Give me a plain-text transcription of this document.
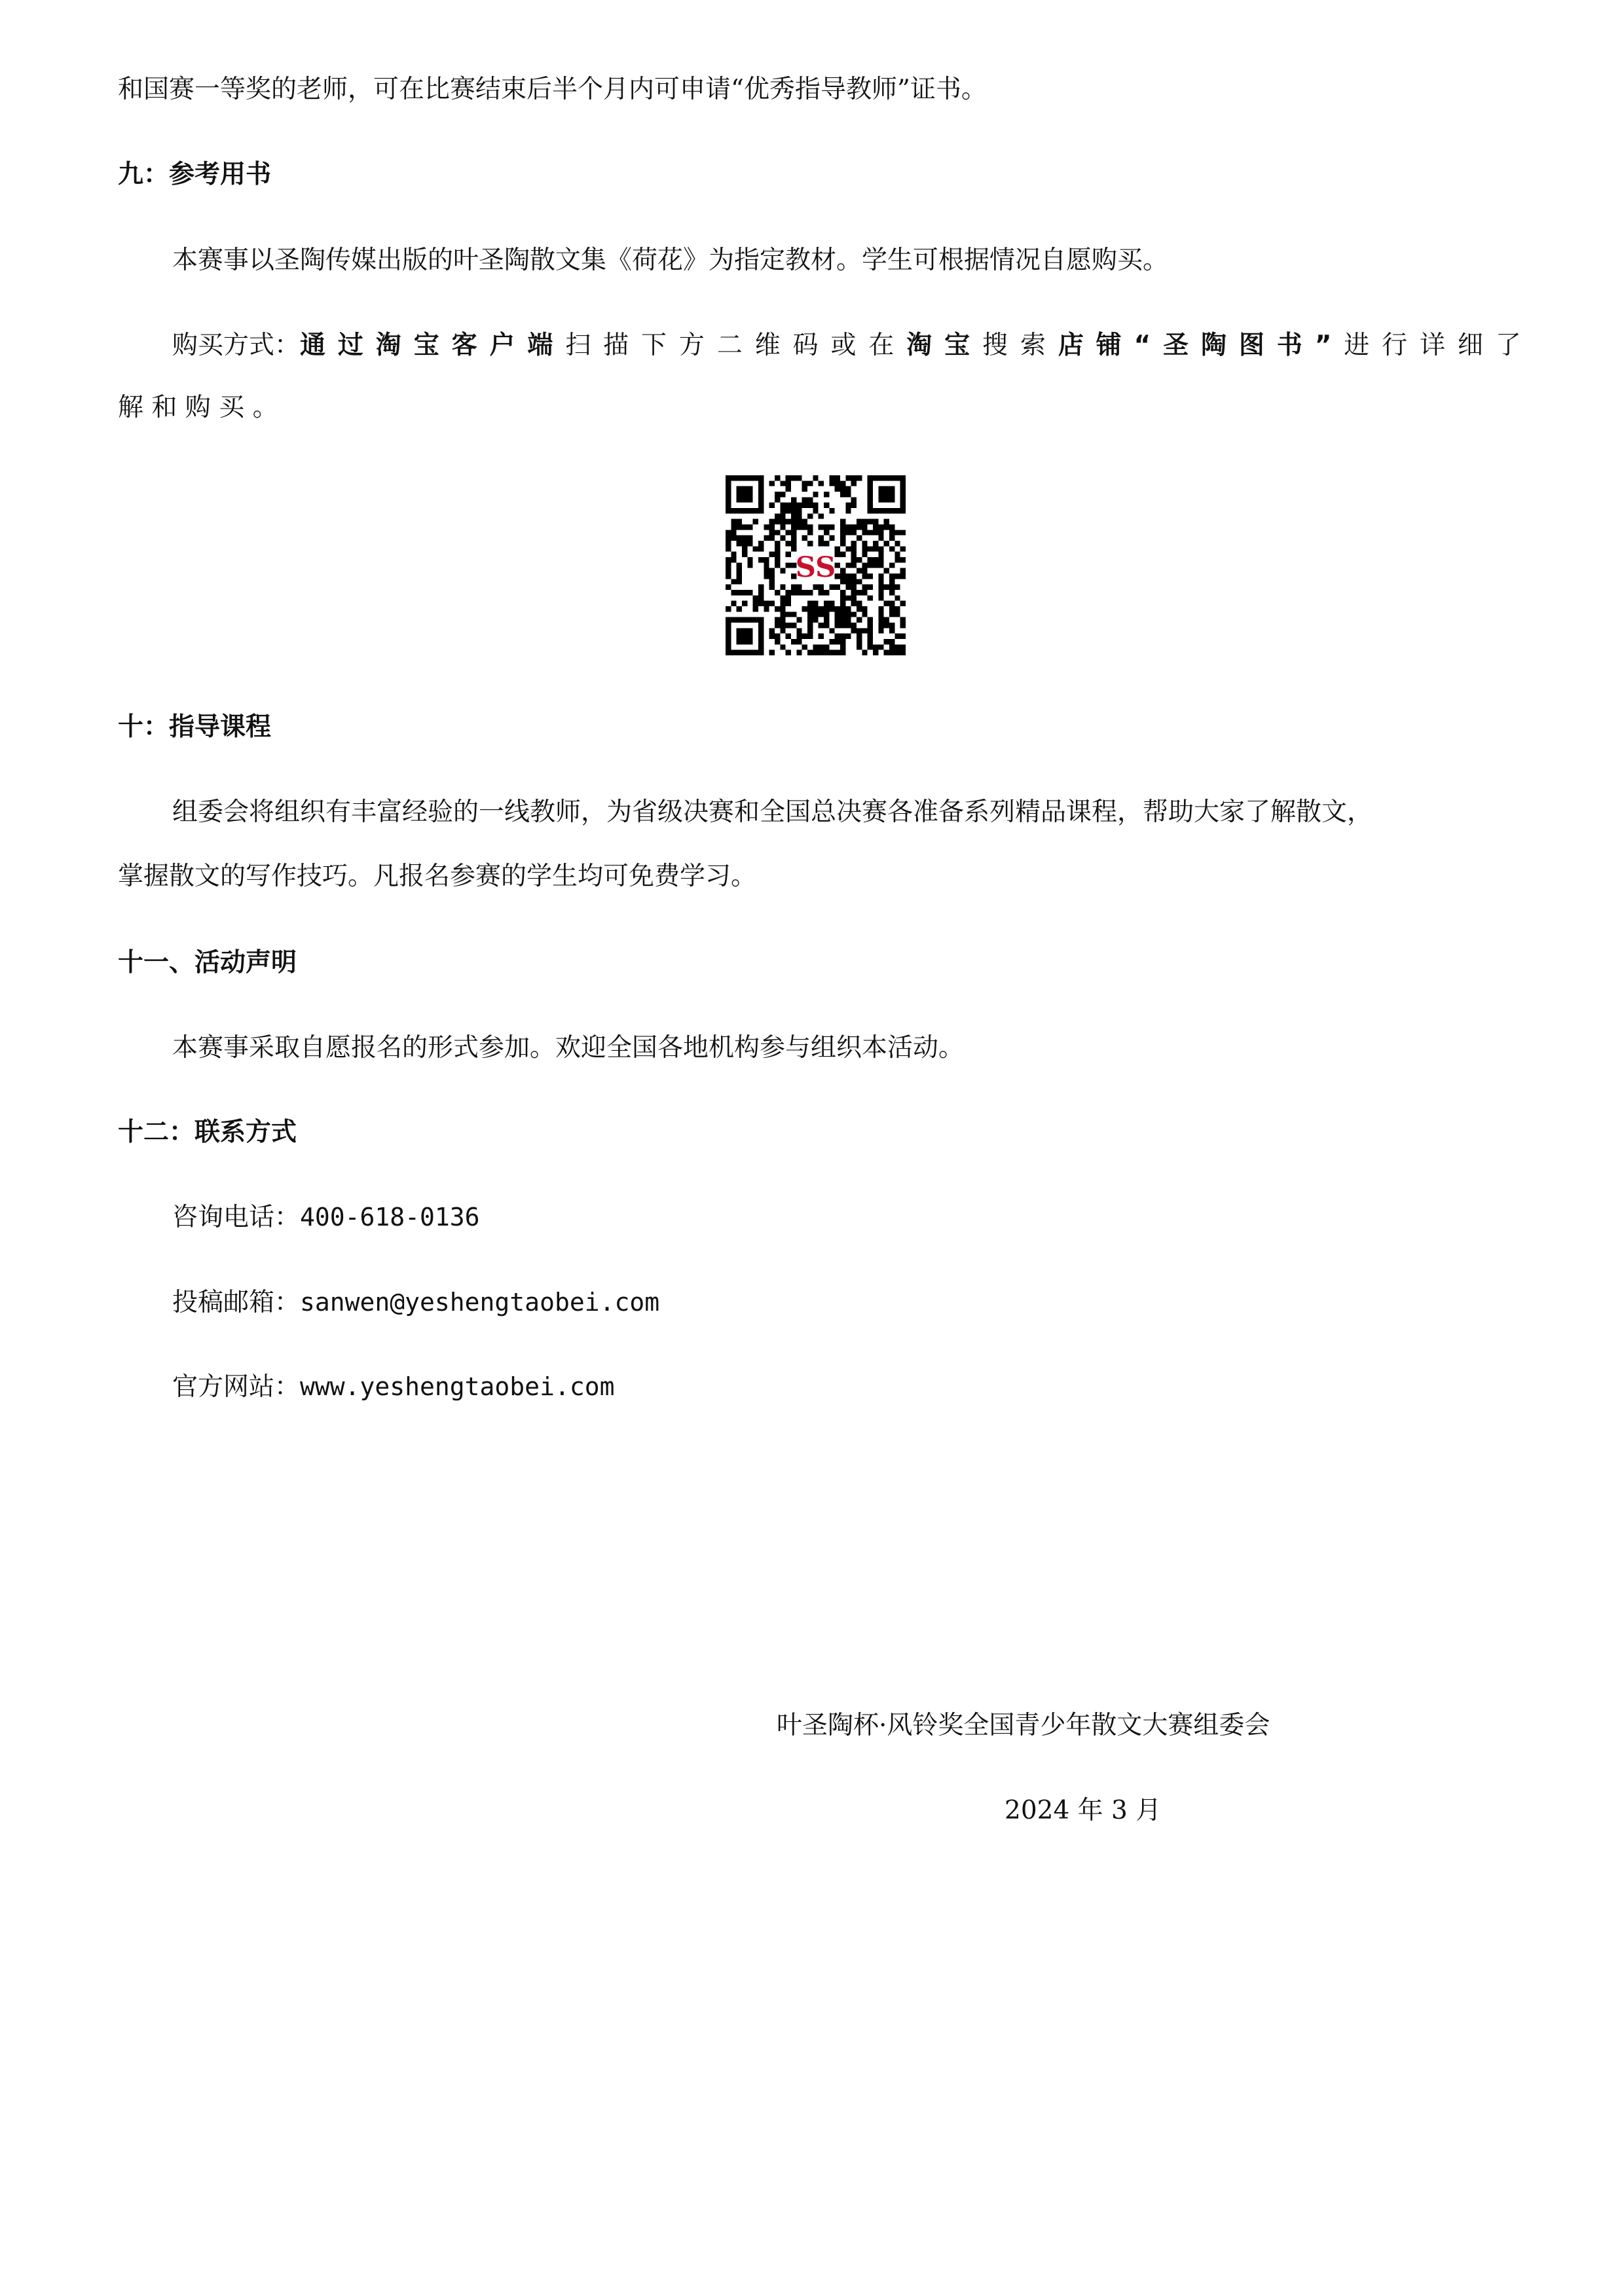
和国赛一等奖的老师，可在比赛结束后半个月内可申请“优秀指导教师”证书。

九：参考用书

本赛事以圣陶传媒出版的叶圣陶散文集《荷花》为指定教材。学生可根据情况自愿购买。

购买方式： 通 过 淘 宝 客 户 端 扫 描 下 方 二 维 码 或 在 淘 宝 搜 索 店 铺 “ 圣 陶 图 书 ” 进 行 详 细 了

解 和 购 买 。

SS

十：指导课程

组委会将组织有丰富经验的一线教师，为省级决赛和全国总决赛各准备系列精品课程，帮助大家了解散文，

掌握散文的写作技巧。凡报名参赛的学生均可免费学习。

十一、活动声明

本赛事采取自愿报名的形式参加。欢迎全国各地机构参与组织本活动。

十二：联系方式

咨询电话：400-618-0136

投稿邮箱：sanwen@yeshengtaobei.com

官方网站：www.yeshengtaobei.com

叶圣陶杯·风铃奖全国青少年散文大赛组委会

2024 年 3 月
